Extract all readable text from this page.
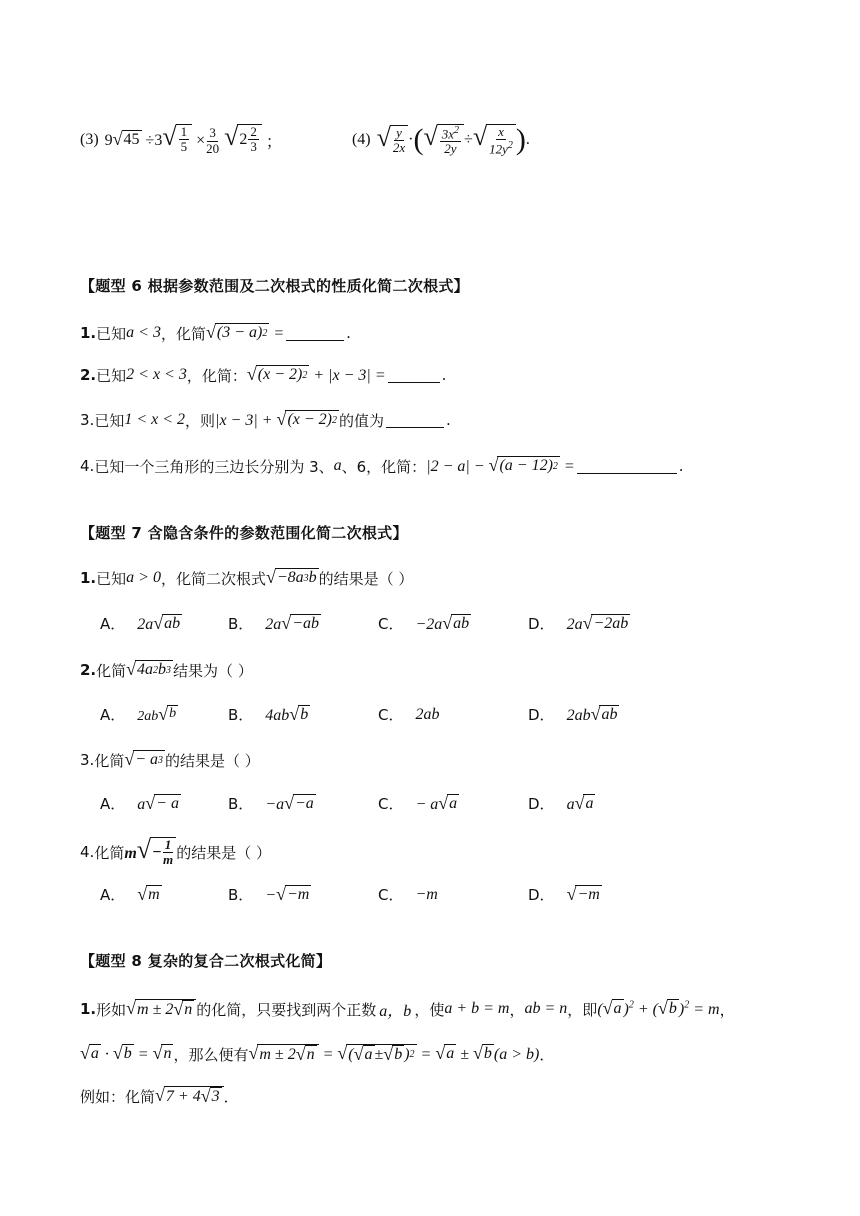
(3) 9 √ 45 ÷3 √ $\frac{1}{5} \times \frac{3}{20}$
√ $2 \frac{2}{3}$ ；	(4) √ $\frac{y}{2x}$ · ( √ $\frac{3x^2}{2y}$ ÷ √ $\frac{x}{12y^2}$ ) .
【题型 6 根据参数范围及二次根式的性质化简二次根式】
1. 已知 a < 3 ，化简 √ (3 − a) 2 =	.
2. 已知 2 < x < 3 ，化简： √ (x − 2) 2 + |x − 3| =	.
3. 已知 1 < x < 2 ，则 |x − 3| + √ (x − 2) 2 的值为	.
4. 已知一个三角形的三边长分别为 3、 a 、6，化简： |2 − a| − √ (a − 12) 2 =	.
【题型 7 含隐含条件的参数范围化简二次根式】
1. 已知 a > 0 ，化简二次根式 √ −8a 3 b 的结果是（ ）
A． 2a √ ab	B． 2a √ −ab	C． −2a √ ab	D． 2a √ −2ab
2. 化简 √ 4a 2 b 3 结果为（ ）
A． 2ab √ b	B． 4ab √ b	C． 2ab	D． 2ab √ ab
3. 化简 √ − a 3 的结果是（ ）
A． a √ − a	B． −a √ −a	C． − a √ a	D． a √ a
4. 化简 m √ − $\frac{1}{m}$ 的结果是（ ）
A． √ m	B． − √ −m	C． −m	D． √ −m
【题型 8 复杂的复合二次根式化简】
1. 形如 √ m ± 2 √ n 的化简，只要找到两个正数 a，b ，使 a + b = m ， ab = n ，即 ( √ a )$^2$ + ( √ b )$^2$ = m ，
√ a · √ b = √ n ，那么便有 √ m ± 2 √ n = √ ( √ a ± √ b ) 2 = √ a ± √ b (a > b) ．
例如：化简 √ 7 + 4 √ 3 ．
